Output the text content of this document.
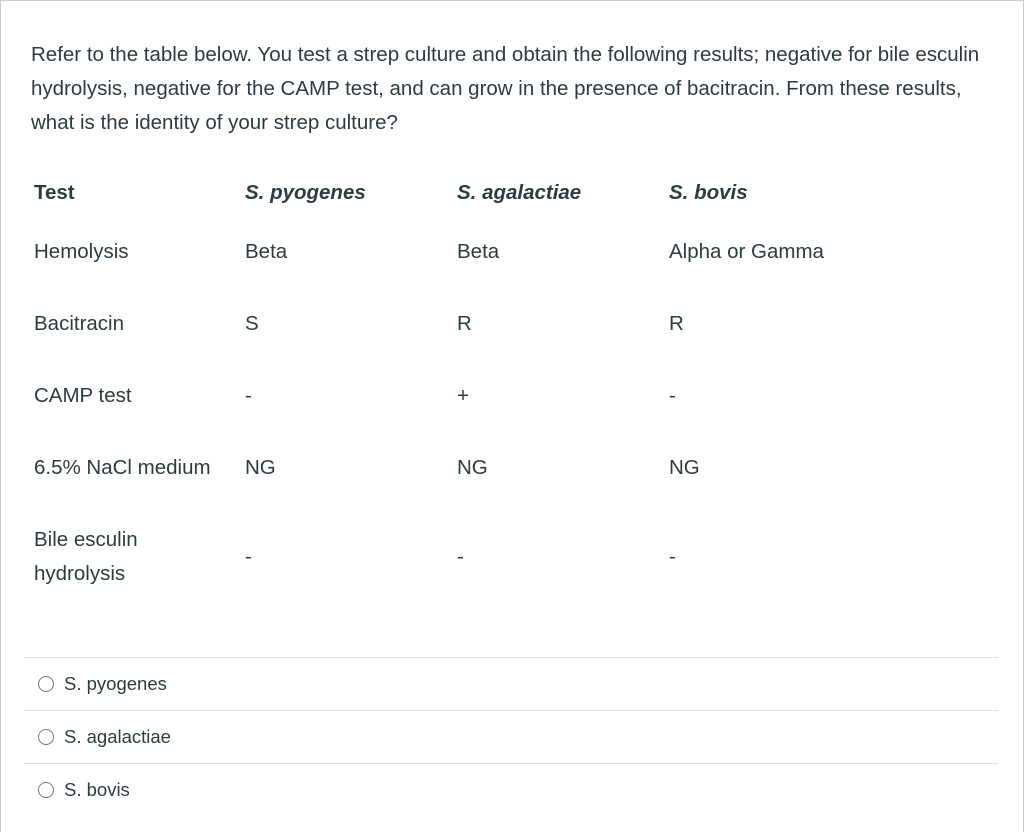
Refer to the table below. You test a strep culture and obtain the following results; negative for bile esculin hydrolysis, negative for the CAMP test, and can grow in the presence of bacitracin. From these results, what is the identity of your strep culture?
Test	S. pyogenes	S. agalactiae	S. bovis
Hemolysis	Beta	Beta	Alpha or Gamma
Bacitracin	S	R	R
CAMP test	-	+	-
6.5% NaCl medium	NG	NG	NG
Bile esculin hydrolysis	-	-	-
S. pyogenes
S. agalactiae
S. bovis
